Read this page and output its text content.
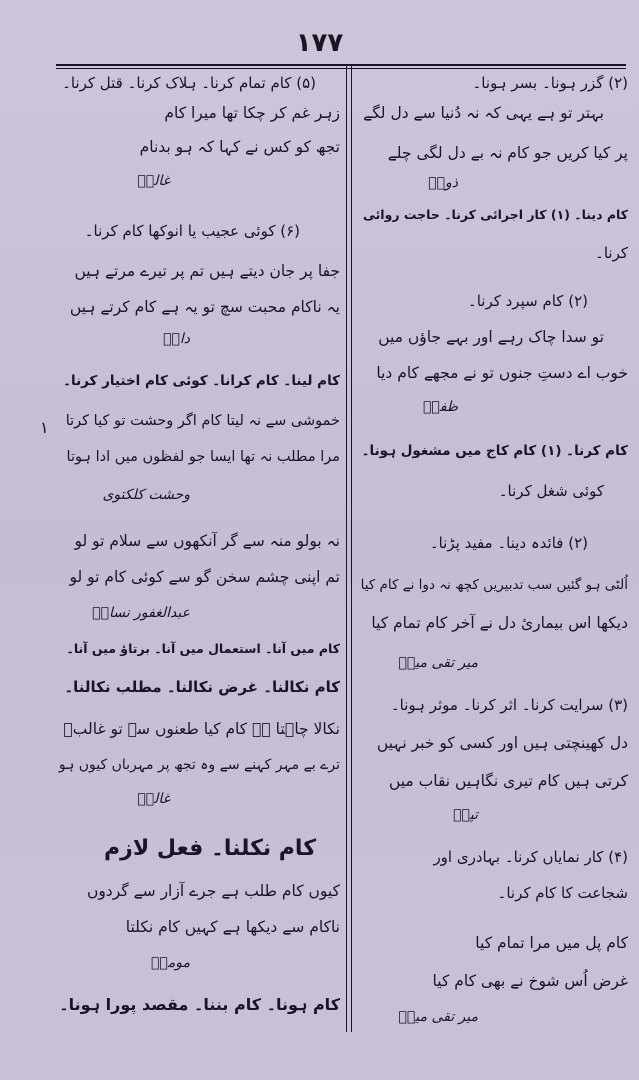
۱۷۷
(۲) گزر ہونا۔ بسر ہونا۔
بہتر تو ہے یہی کہ نہ دُنیا سے دل لگے
پر کیا کریں جو کام نہ بے دل لگی چلے
ذوقؔ
کام دینا۔ (۱) کار اجرائی کرنا۔ حاجت روائی
کرنا۔
(۲) کام سپرد کرنا۔
تو سدا چاک رہے اور بہے جاؤں میں
خوب اے دستِ جنوں تو نے مجھے کام دیا
ظفرؔ
کام کرنا۔ (۱) کام کاج میں مشغول ہونا۔
کوئی شغل کرنا۔
(۲) فائدہ دینا۔ مفید پڑنا۔
اُلٹی ہو گئیں سب تدبیریں کچھ نہ دوا نے کام کیا
دیکھا اس بیماریٔ دل نے آخر کام تمام کیا
میر تقی میرؔ
(۳) سرایت کرنا۔ اثر کرنا۔ موثر ہونا۔
دل کھینچتی ہیں اور کسی کو خبر نہیں
کرتی ہیں کام تیری نگاہیں نقاب میں
تپشؔ
(۴) کار نمایاں کرنا۔ بہادری اور
شجاعت کا کام کرنا۔
کام پل میں مرا تمام کیا
غرض اُس شوخ نے بھی کام کیا
میر تقی میرؔ
(۵) کام تمام کرنا۔ ہلاک کرنا۔ قتل کرنا۔
زہر غم کر چکا تھا میرا کام
تجھ کو کس نے کہا کہ ہو بدنام
غالبؔ
(۶) کوئی عجیب یا انوکھا کام کرنا۔
جفا پر جان دیتے ہیں تم پر تیرے مرتے ہیں
یہ ناکام محبت سچ تو یہ ہے کام کرتے ہیں
داغؔ
کام لینا۔ کام کرانا۔ کوئی کام اختیار کرنا۔
خموشی سے نہ لیتا کام اگر وحشت تو کیا کرتا
مرا مطلب نہ تھا ایسا جو لفظوں میں ادا ہوتا
وحشت کلکتوی
نہ بولو منہ سے گر آنکھوں سے سلام تو لو
تم اپنی چشم سخن گو سے کوئی کام تو لو
عبدالغفور نساخؔ
کام میں آنا۔ استعمال میں آنا۔ برتاؤ میں آنا۔
کام نکالنا۔ غرض نکالنا۔ مطلب نکالنا۔
نکالا چاہتا ہے کام کیا طعنوں سے تو غالبؔ
ترے بے مہر کہنے سے وہ تجھ پر مہرباں کیوں ہو
غالبؔ
کام نکلنا۔ فعل لازم
کیوں کام طلب ہے جرے آزار سے گردوں
ناکام سے دیکھا ہے کہیں کام نکلتا
مومنؔ
کام ہونا۔ کام بننا۔ مقصد پورا ہونا۔
۱
